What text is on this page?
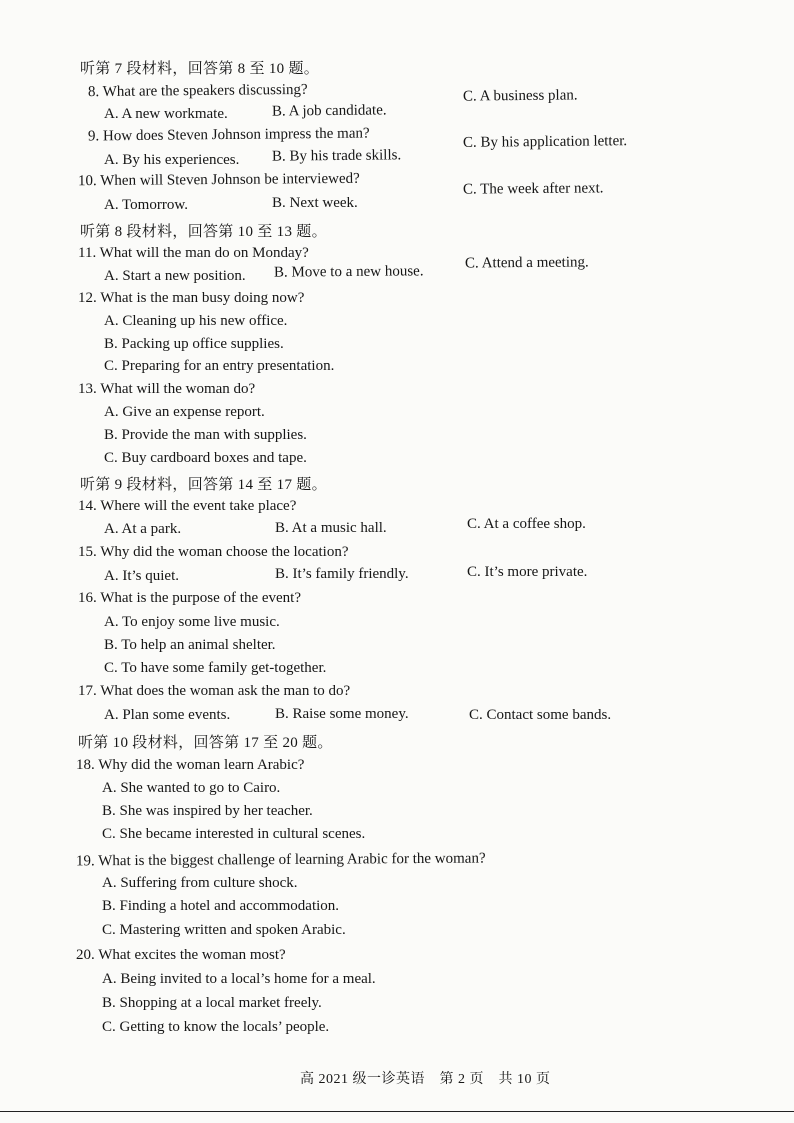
听第 7 段材料，回答第 8 至 10 题。
8. What are the speakers discussing?
A. A new workmate.	B. A job candidate.
C. A business plan.
9. How does Steven Johnson impress the man?
A. By his experiences. B. By his trade skills.
C. By his application letter.
10. When will Steven Johnson be interviewed?
A. Tomorrow.	B. Next week.
C. The week after next.
听第 8 段材料，回答第 10 至 13 题。
11. What will the man do on Monday?
A. Start a new position. B. Move to a new house.
C. Attend a meeting.
12. What is the man busy doing now?
A. Cleaning up his new office.
B. Packing up office supplies.
C. Preparing for an entry presentation.
13. What will the woman do?
A. Give an expense report.
B. Provide the man with supplies.
C. Buy cardboard boxes and tape.
听第 9 段材料，回答第 14 至 17 题。
14. Where will the event take place?
A. At a park.	B. At a music hall.	C. At a coffee shop.
15. Why did the woman choose the location?
A. It’s quiet.	B. It’s family friendly.	C. It’s more private.
16. What is the purpose of the event?
A. To enjoy some live music.
B. To help an animal shelter.
C. To have some family get-together.
17. What does the woman ask the man to do?
A. Plan some events.	B. Raise some money.	C. Contact some bands.
听第 10 段材料，回答第 17 至 20 题。
18. Why did the woman learn Arabic?
A. She wanted to go to Cairo.
B. She was inspired by her teacher.
C. She became interested in cultural scenes.
19. What is the biggest challenge of learning Arabic for the woman?
A. Suffering from culture shock.
B. Finding a hotel and accommodation.
C. Mastering written and spoken Arabic.
20. What excites the woman most?
A. Being invited to a local’s home for a meal.
B. Shopping at a local market freely.
C. Getting to know the locals’ people.
高 2021 级一诊英语　第 2 页　共 10 页
